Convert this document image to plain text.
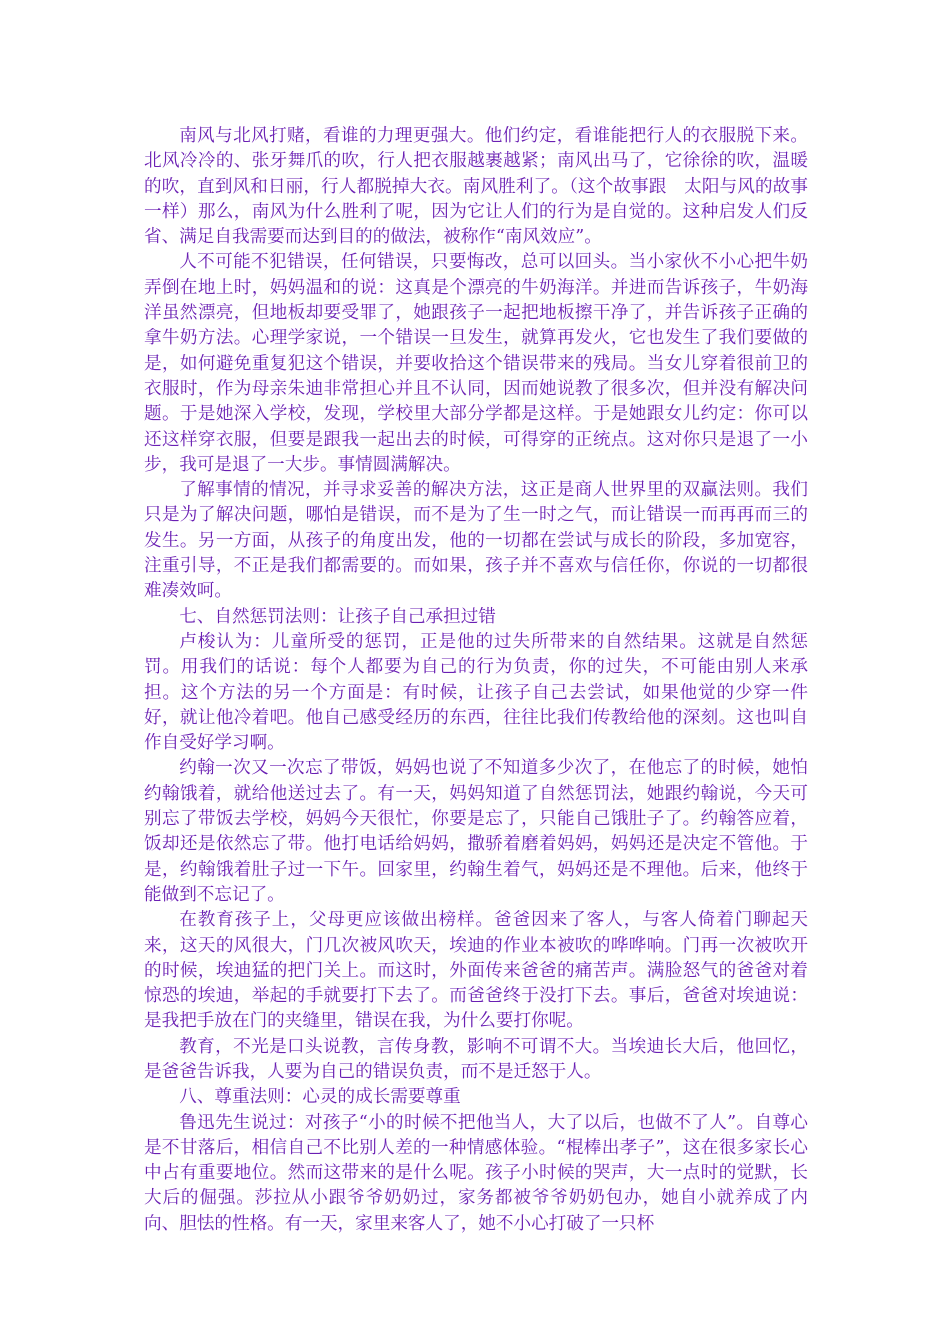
南风与北风打赌，看谁的力理更强大。他们约定，看谁能把行人的衣服脱下来。北风冷冷的、张牙舞爪的吹，行人把衣服越裹越紧；南风出马了，它徐徐的吹，温暖的吹，直到风和日丽，行人都脱掉大衣。南风胜利了。（这个故事跟　太阳与风的故事　一样）那么，南风为什么胜利了呢，因为它让人们的行为是自觉的。这种启发人们反省、满足自我需要而达到目的的做法，被称作“南风效应”。

人不可能不犯错误，任何错误，只要悔改，总可以回头。当小家伙不小心把牛奶弄倒在地上时，妈妈温和的说：这真是个漂亮的牛奶海洋。并进而告诉孩子，牛奶海洋虽然漂亮，但地板却要受罪了，她跟孩子一起把地板擦干净了，并告诉孩子正确的拿牛奶方法。心理学家说，一个错误一旦发生，就算再发火，它也发生了我们要做的是，如何避免重复犯这个错误，并要收拾这个错误带来的残局。当女儿穿着很前卫的衣服时，作为母亲朱迪非常担心并且不认同，因而她说教了很多次，但并没有解决问题。于是她深入学校，发现，学校里大部分学都是这样。于是她跟女儿约定：你可以还这样穿衣服，但要是跟我一起出去的时候，可得穿的正统点。这对你只是退了一小步，我可是退了一大步。事情圆满解决。

了解事情的情况，并寻求妥善的解决方法，这正是商人世界里的双赢法则。我们只是为了解决问题，哪怕是错误，而不是为了生一时之气，而让错误一而再再而三的发生。另一方面，从孩子的角度出发，他的一切都在尝试与成长的阶段，多加宽容，注重引导，不正是我们都需要的。而如果，孩子并不喜欢与信任你，你说的一切都很难凑效呵。

七、自然惩罚法则：让孩子自己承担过错

卢梭认为：儿童所受的惩罚，正是他的过失所带来的自然结果。这就是自然惩罚。用我们的话说：每个人都要为自己的行为负责，你的过失，不可能由别人来承担。这个方法的另一个方面是：有时候，让孩子自己去尝试，如果他觉的少穿一件好，就让他冷着吧。他自己感受经历的东西，往往比我们传教给他的深刻。这也叫自作自受好学习啊。

约翰一次又一次忘了带饭，妈妈也说了不知道多少次了，在他忘了的时候，她怕约翰饿着，就给他送过去了。有一天，妈妈知道了自然惩罚法，她跟约翰说，今天可别忘了带饭去学校，妈妈今天很忙，你要是忘了，只能自己饿肚子了。约翰答应着，饭却还是依然忘了带。他打电话给妈妈，撒骄着磨着妈妈，妈妈还是决定不管他。于是，约翰饿着肚子过一下午。回家里，约翰生着气，妈妈还是不理他。后来，他终于能做到不忘记了。

在教育孩子上，父母更应该做出榜样。爸爸因来了客人，与客人倚着门聊起天来，这天的风很大，门几次被风吹天，埃迪的作业本被吹的哗哗响。门再一次被吹开的时候，埃迪猛的把门关上。而这时，外面传来爸爸的痛苦声。满脸怒气的爸爸对着惊恐的埃迪，举起的手就要打下去了。而爸爸终于没打下去。事后，爸爸对埃迪说：是我把手放在门的夹缝里，错误在我，为什么要打你呢。

教育，不光是口头说教，言传身教，影响不可谓不大。当埃迪长大后，他回忆，是爸爸告诉我，人要为自己的错误负责，而不是迁怒于人。

八、尊重法则：心灵的成长需要尊重

鲁迅先生说过：对孩子“小的时候不把他当人，大了以后，也做不了人”。自尊心是不甘落后，相信自己不比别人差的一种情感体验。“棍棒出孝子”，这在很多家长心中占有重要地位。然而这带来的是什么呢。孩子小时候的哭声，大一点时的觉默，长大后的倔强。莎拉从小跟爷爷奶奶过，家务都被爷爷奶奶包办，她自小就养成了内向、胆怯的性格。有一天，家里来客人了，她不小心打破了一只杯
